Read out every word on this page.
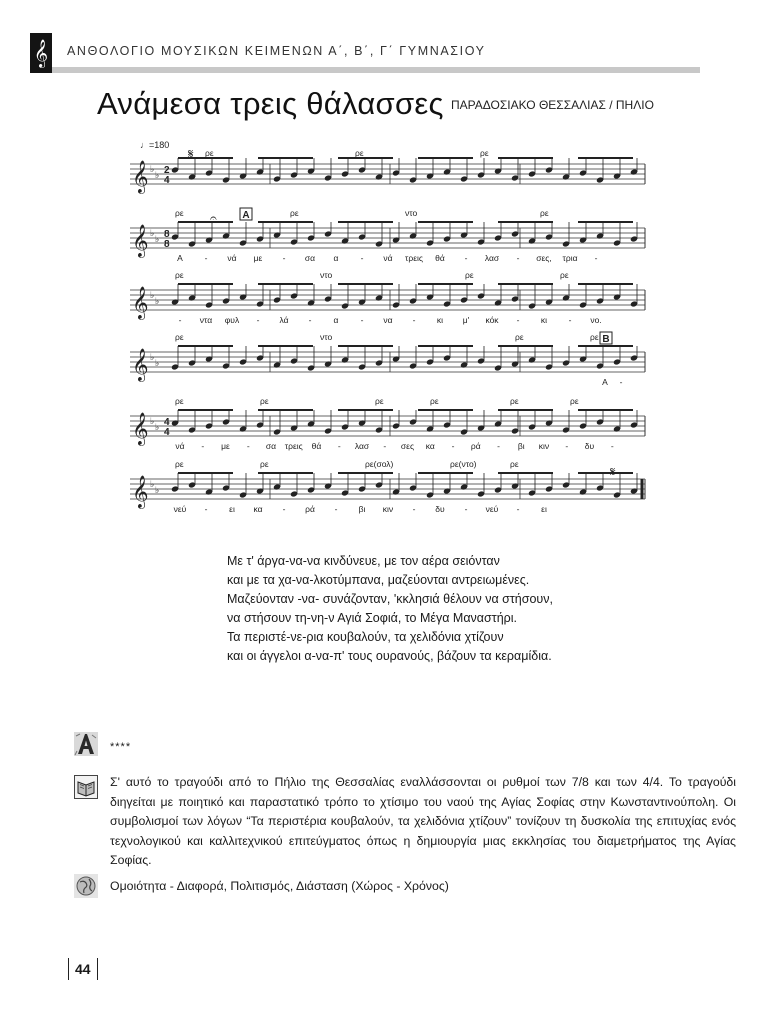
𝄞	ΑΝΘΟΛΟΓΙΟ ΜΟΥΣΙΚΩΝ ΚΕΙΜΕΝΩΝ Α΄, Β΄, Γ΄ ΓΥΜΝΑΣΙΟΥ
Ανάμεσα τρεις θάλασσες ΠΑΡΑΔΟΣΙΑΚΟ ΘΕΣΣΑΛΙΑΣ / ΠΗΛΙΟ
♩=180
𝄞 ♭
♭ 2
4
ρε	ρε	ρε
𝄞 ♭
♭ 8
8
ρε	ρε	ντο	ρε
Α	- νά με - σα α	- νά τρεις θά - λασ - σες, τρια -
𝄞 ♭
♭
ρε	ντο	ρε	ρε
- ντα φυλ - λά -	α	- να -	κι μ' κόκ -	κι	- νο.
𝄞 ♭
♭
ρε	ντο	ρε	ρε
Α -
𝄞 ♭
♭ 4
4
ρε	ρε	ρε	ρε	ρε	ρε
νά - με - σα τρεις θά - λασ - σες κα - ρά - βι κιν - δυ -
𝄞 ♭
♭
ρε	ρε	ρε(σολ)	ρε(ντο)	ρε
νεύ -	ει κα - ρά - βι κιν - δυ - νεύ -	ει
A
B
𝄋
𝄋
𝄐
Με τ' άργα-να-να κινδύνευε, με τον αέρα σειόνταν
και με τα χα-να-λκοτύμπανα, μαζεύονται αντρειωμένες.
Μαζεύονταν -να- συνάζονταν, 'κκλησιά θέλουν να στήσουν,
να στήσουν τη-νη-ν Αγιά Σοφιά, το Μέγα Μαναστήρι.
Τα περιστέ-νε-ρια κουβαλούν, τα χελιδόνια χτίζουν
και οι άγγελοι α-να-π' τους ουρανούς, βάζουν τα κεραμίδια.
****
Σ' αυτό το τραγούδι από το Πήλιο της Θεσσαλίας εναλλάσσονται οι ρυθμοί των 7/8 και των 4/4. Το τραγούδι διηγείται με ποιητικό και παραστατικό τρόπο το χτίσιμο του ναού της Αγίας Σοφίας στην Κωνσταντινούπολη. Οι συμβολισμοί των λόγων “Τα περιστέρια κουβαλούν, τα χελιδόνια χτίζουν” τονίζουν τη δυσκολία της επιτυχίας ενός τεχνολογικού και καλλιτεχνικού επιτεύγματος όπως η δημιουργία μιας εκκλησίας του διαμετρήματος της Αγίας Σοφίας.
Ομοιότητα - Διαφορά, Πολιτισμός, Διάσταση (Χώρος - Χρόνος)
44
